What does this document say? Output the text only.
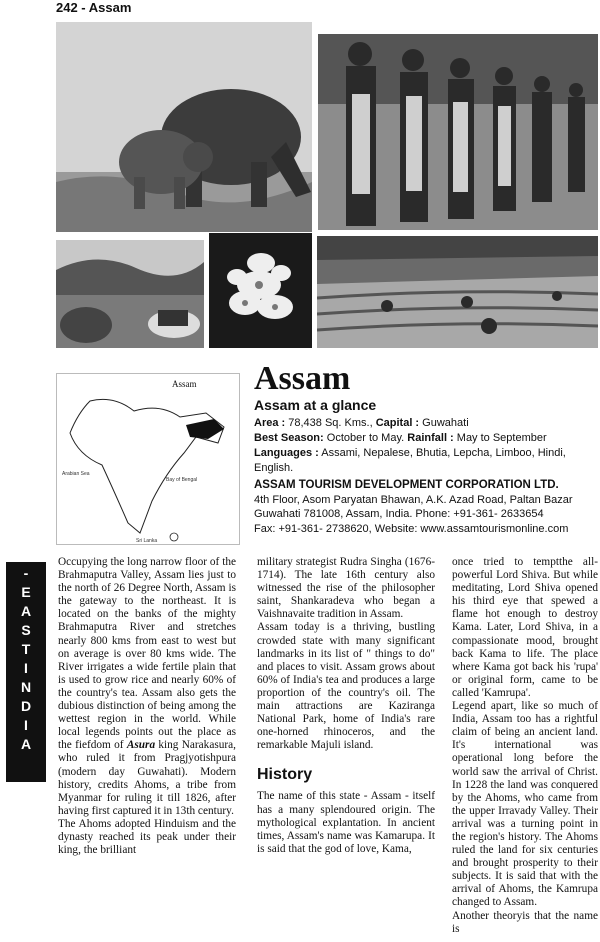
242 - Assam
Assam
Arabian Sea
Bay of Bengal
Sri Lanka
Assam
Assam at a glance
Area : 78,438 Sq. Kms., Capital : Guwahati
Best Season: October to May. Rainfall : May to September
Languages : Assami, Nepalese, Bhutia, Lepcha, Limboo, Hindi, English.
ASSAM TOURISM DEVELOPMENT CORPORATION LTD.
4th Floor, Asom Paryatan Bhawan, A.K. Azad Road, Paltan Bazar
Guwahati 781008, Assam, India. Phone: +91-361- 2633654
Fax: +91-361- 2738620, Website: www.assamtourismonline.com
-
E
A
S
T
I
N
D
I
A

Occupying the long narrow floor of the Brahmaputra Valley, Assam lies just to the north of 26 Degree North, Assam is the gateway to the northeast. It is located on the banks of the mighty Brahmaputra River and stretches nearly 800 kms from east to west but on average is over 80 kms wide. The River irrigates a wide fertile plain that is used to grow rice and nearly 60% of the country's tea. Assam also gets the dubious distinction of being among the wettest region in the world. While local legends points out the place as the fiefdom of Asura king Narakasura, who ruled it from Pragjyotishpura (modern day Guwahati). Modern history, credits Ahoms, a tribe from Myanmar for ruling it till 1826, after having first captured it in 13th century.

The Ahoms adopted Hinduism and the dynasty reached its peak under their king, the brilliant

military strategist Rudra Singha (1676-1714). The late 16th century also witnessed the rise of the philosopher saint, Shankaradeva who began a Vaishnavaite tradition in Assam.

Assam today is a thriving, bustling crowded state with many significant landmarks in its list of " things to do" and places to visit. Assam grows about 60% of India's tea and produces a large proportion of the country's oil. The main attractions are Kaziranga National Park, home of India's rare one-horned rhinoceros, and the remarkable Majuli island.

History

The name of this state - Assam - itself has a many splendoured origin. The mythological explantation. In ancient times, Assam's name was Kamarupa. It is said that the god of love, Kama,

once tried to temptthe all-powerful Lord Shiva. But while meditating, Lord Shiva opened his third eye that spewed a flame hot enough to destroy Kama. Later, Lord Shiva, in a compassionate mood, brought back Kama to life. The place where Kama got back his 'rupa' or original form, came to be called 'Kamrupa'.

Legend apart, like so much of India, Assam too has a rightful claim of being an ancient land. It's international was operational long before the world saw the arrival of Christ. In 1228 the land was conquered by the Ahoms, who came from the upper Irravady Valley. Their arrival was a turning point in the region's history. The Ahoms ruled the land for six centuries and brought prosperity to their subjects. It is said that with the arrival of Ahoms, the Kamrupa changed to Assam.

Another theoryis that the name is
